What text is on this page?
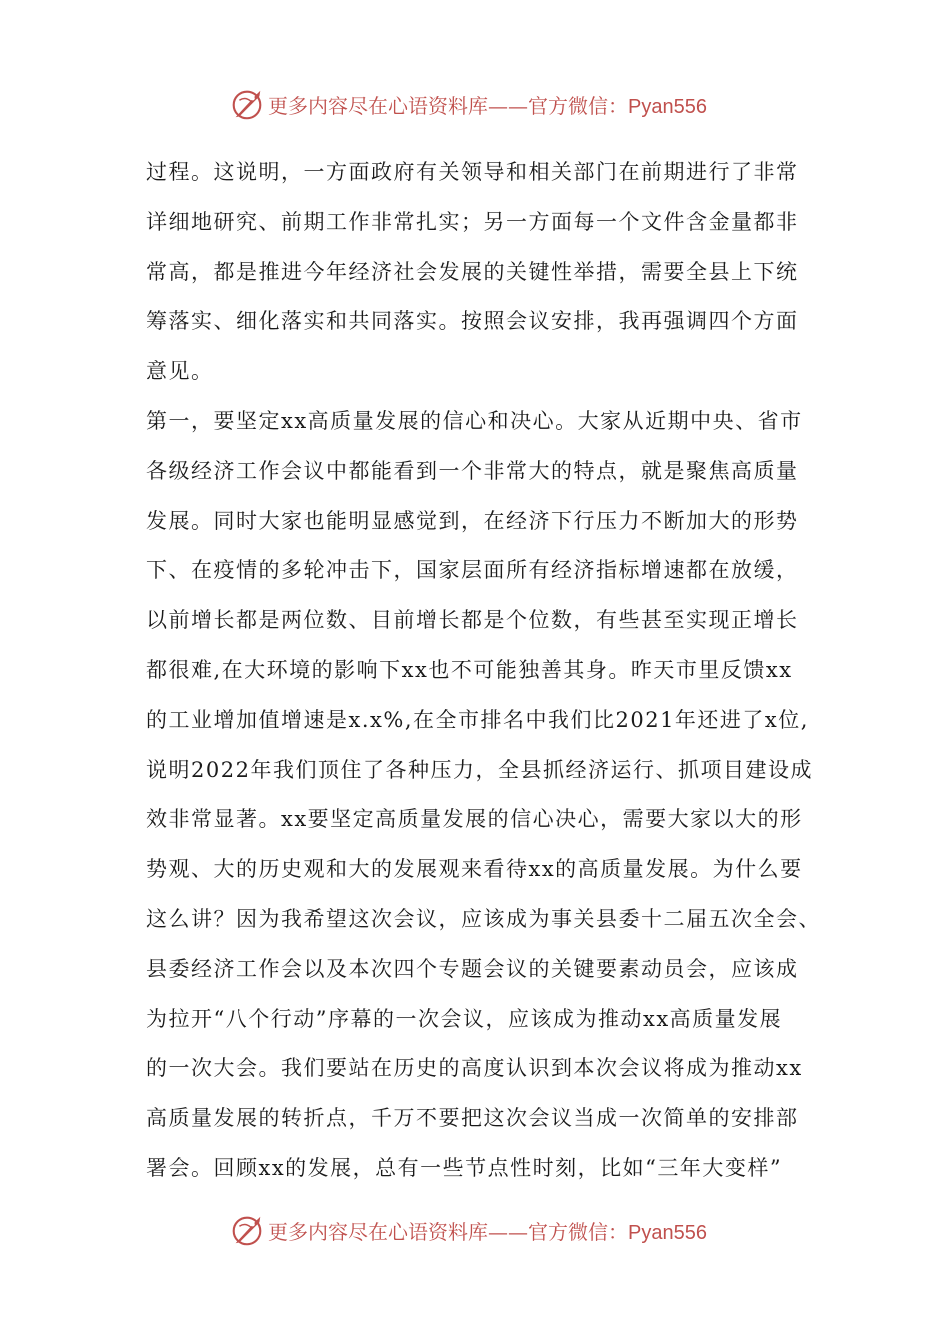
更多内容尽在心语资料库——官方微信：Pyan556
过程。这说明，一方面政府有关领导和相关部门在前期进行了非常
详细地研究、前期工作非常扎实；另一方面每一个文件含金量都非
常高，都是推进今年经济社会发展的关键性举措，需要全县上下统
筹落实、细化落实和共同落实。按照会议安排，我再强调四个方面
意见。
第一，要坚定xx高质量发展的信心和决心。大家从近期中央、省市
各级经济工作会议中都能看到一个非常大的特点，就是聚焦高质量
发展。同时大家也能明显感觉到，在经济下行压力不断加大的形势
下、在疫情的多轮冲击下，国家层面所有经济指标增速都在放缓，
以前增长都是两位数、目前增长都是个位数，有些甚至实现正增长
都很难,在大环境的影响下xx也不可能独善其身。昨天市里反馈xx
的工业增加值增速是x.x%,在全市排名中我们比2021年还进了x位,
说明2022年我们顶住了各种压力，全县抓经济运行、抓项目建设成
效非常显著。xx要坚定高质量发展的信心决心，需要大家以大的形
势观、大的历史观和大的发展观来看待xx的高质量发展。为什么要
这么讲？因为我希望这次会议，应该成为事关县委十二届五次全会、
县委经济工作会以及本次四个专题会议的关键要素动员会，应该成
为拉开“八个行动”序幕的一次会议，应该成为推动xx高质量发展
的一次大会。我们要站在历史的高度认识到本次会议将成为推动xx
高质量发展的转折点，千万不要把这次会议当成一次简单的安排部
署会。回顾xx的发展，总有一些节点性时刻，比如“三年大变样”
更多内容尽在心语资料库——官方微信：Pyan556
